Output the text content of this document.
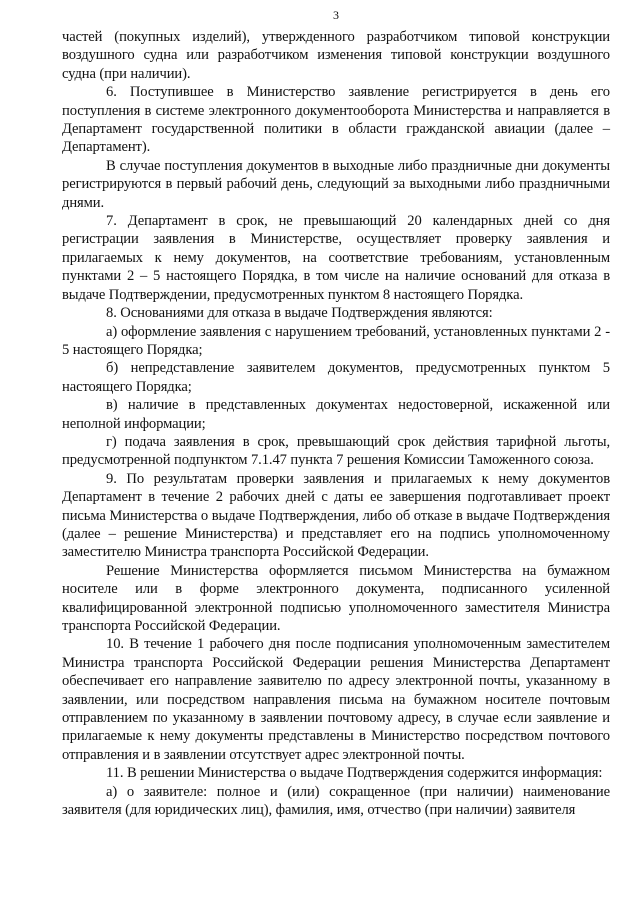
3

частей (покупных изделий), утвержденного разработчиком типовой конструкции воздушного судна или разработчиком изменения типовой конструкции воздушного судна (при наличии).

6. Поступившее в Министерство заявление регистрируется в день его поступления в системе электронного документооборота Министерства и направляется в Департамент государственной политики в области гражданской авиации (далее – Департамент).

В случае поступления документов в выходные либо праздничные дни документы регистрируются в первый рабочий день, следующий за выходными либо праздничными днями.

7. Департамент в срок, не превышающий 20 календарных дней со дня регистрации заявления в Министерстве, осуществляет проверку заявления и прилагаемых к нему документов, на соответствие требованиям, установленным пунктами 2 – 5 настоящего Порядка, в том числе на наличие оснований для отказа в выдаче Подтверждении, предусмотренных пунктом 8 настоящего Порядка.

8. Основаниями для отказа в выдаче Подтверждения являются:

а) оформление заявления с нарушением требований, установленных пунктами 2 - 5 настоящего Порядка;

б) непредставление заявителем документов, предусмотренных пунктом 5 настоящего Порядка;

в) наличие в представленных документах недостоверной, искаженной или неполной информации;

г) подача заявления в срок, превышающий срок действия тарифной льготы, предусмотренной подпунктом 7.1.47 пункта 7 решения Комиссии Таможенного союза.

9. По результатам проверки заявления и прилагаемых к нему документов Департамент в течение 2 рабочих дней с даты ее завершения подготавливает проект письма Министерства о выдаче Подтверждения, либо об отказе в выдаче Подтверждения (далее – решение Министерства) и представляет его на подпись уполномоченному заместителю Министра транспорта Российской Федерации.

Решение Министерства оформляется письмом Министерства на бумажном носителе или в форме электронного документа, подписанного усиленной квалифицированной электронной подписью уполномоченного заместителя Министра транспорта Российской Федерации.

10. В течение 1 рабочего дня после подписания уполномоченным заместителем Министра транспорта Российской Федерации решения Министерства Департамент обеспечивает его направление заявителю по адресу электронной почты, указанному в заявлении, или посредством направления письма на бумажном носителе почтовым отправлением по указанному в заявлении почтовому адресу, в случае если заявление и прилагаемые к нему документы представлены в Министерство посредством почтового отправления и в заявлении отсутствует адрес электронной почты.

11. В решении Министерства о выдаче Подтверждения содержится информация:

а) о заявителе: полное и (или) сокращенное (при наличии) наименование заявителя (для юридических лиц), фамилия, имя, отчество (при наличии) заявителя
